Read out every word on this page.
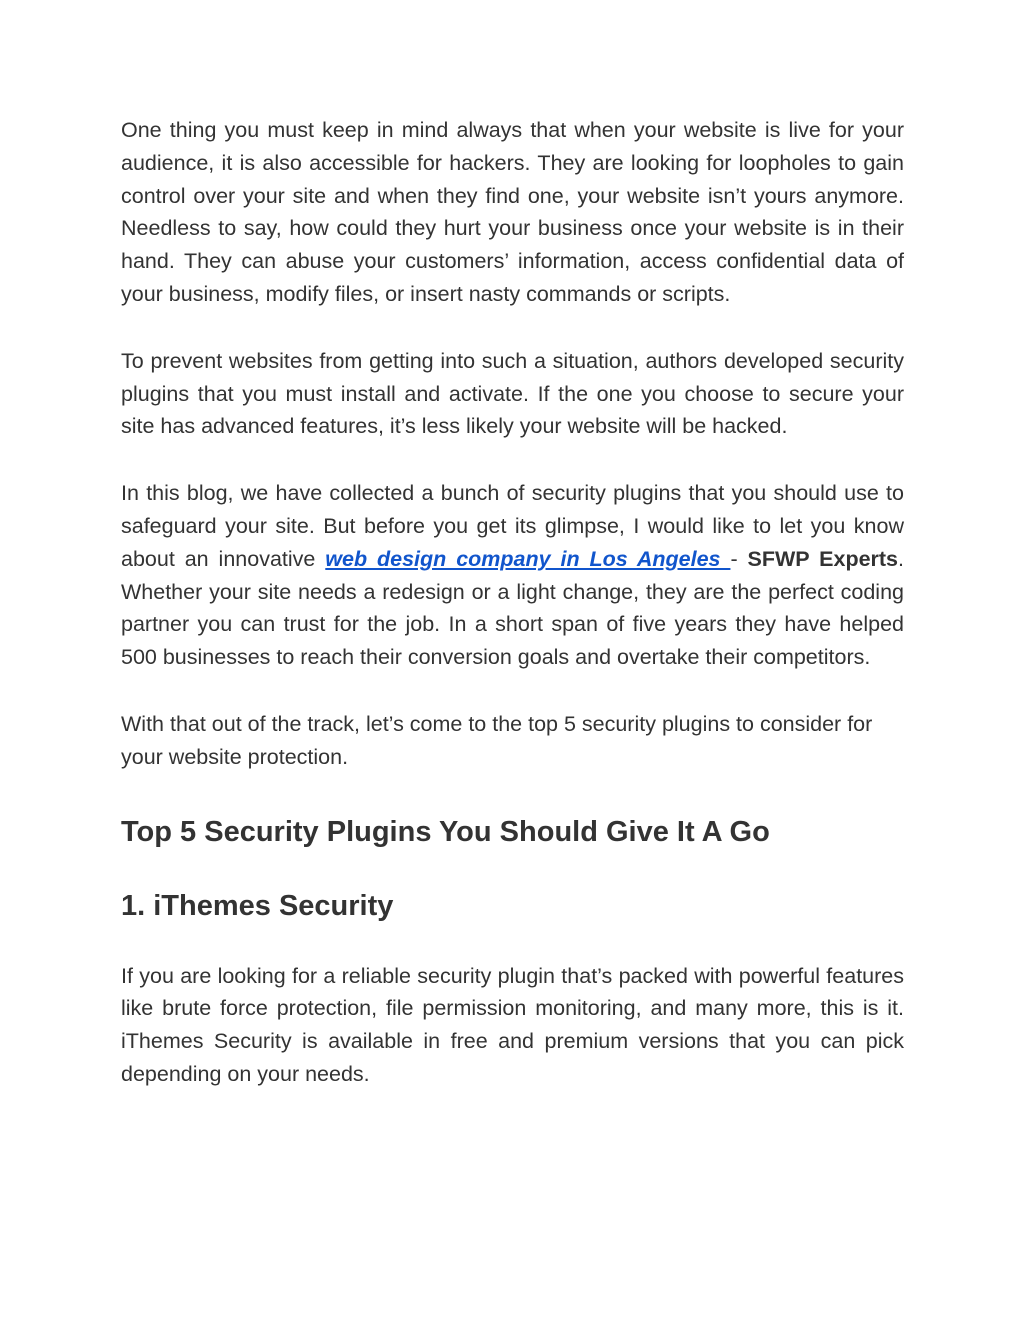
One thing you must keep in mind always that when your website is live for your audience, it is also accessible for hackers. They are looking for loopholes to gain control over your site and when they find one, your website isn’t yours anymore. Needless to say, how could they hurt your business once your website is in their hand. They can abuse your customers’ information, access confidential data of your business, modify files, or insert nasty commands or scripts.

To prevent websites from getting into such a situation, authors developed security plugins that you must install and activate. If the one you choose to secure your site has advanced features, it’s less likely your website will be hacked.

In this blog, we have collected a bunch of security plugins that you should use to safeguard your site. But before you get its glimpse, I would like to let you know about an innovative web design company in Los Angeles - SFWP Experts. Whether your site needs a redesign or a light change, they are the perfect coding partner you can trust for the job. In a short span of five years they have helped 500 businesses to reach their conversion goals and overtake their competitors.

With that out of the track, let’s come to the top 5 security plugins to consider for your website protection.

Top 5 Security Plugins You Should Give It A Go
1. iThemes Security

If you are looking for a reliable security plugin that’s packed with powerful features like brute force protection, file permission monitoring, and many more, this is it. iThemes Security is available in free and premium versions that you can pick depending on your needs.
